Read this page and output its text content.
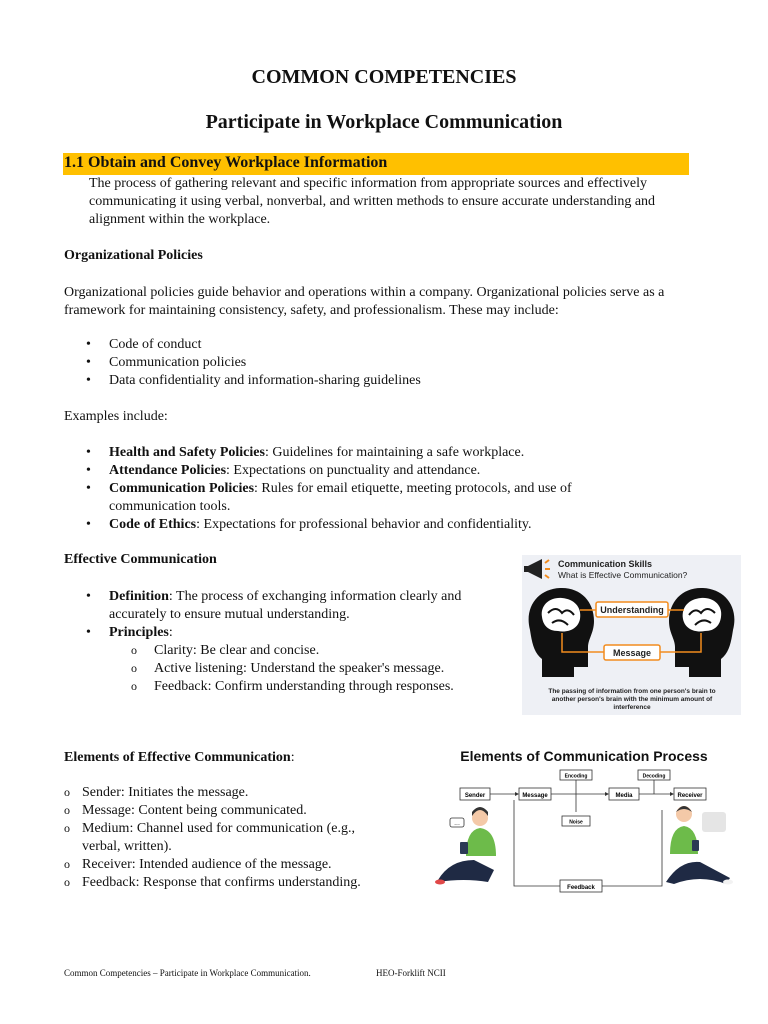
COMMON COMPETENCIES
Participate in Workplace Communication
1.1 Obtain and Convey Workplace Information
The process of gathering relevant and specific information from appropriate sources and effectively communicating it using verbal, nonverbal, and written methods to ensure accurate understanding and alignment within the workplace.
Organizational Policies
Organizational policies guide behavior and operations within a company. Organizational policies serve as a framework for maintaining consistency, safety, and professionalism. These may include:
• Code of conduct
• Communication policies
• Data confidentiality and information-sharing guidelines
Examples include:
• Health and Safety Policies: Guidelines for maintaining a safe workplace.
• Attendance Policies: Expectations on punctuality and attendance.
• Communication Policies: Rules for email etiquette, meeting protocols, and use of communication tools.
• Code of Ethics: Expectations for professional behavior and confidentiality.
Effective Communication
• Definition: The process of exchanging information clearly and accurately to ensure mutual understanding.
• Principles:
o Clarity: Be clear and concise.
o Active listening: Understand the speaker's message.
o Feedback: Confirm understanding through responses.
Communication Skills
What is Effective Communication?
Understanding
Message
The passing of information from one person's brain to
another person's brain with the minimum amount of
interference
Elements of Effective Communication:
o Sender: Initiates the message.
o Message: Content being communicated.
o Medium: Channel used for communication (e.g., verbal, written).
o Receiver: Intended audience of the message.
o Feedback: Response that confirms understanding.
Elements of Communication Process
Sender	Message
Encoding
Noise
Media
Decoding
Receiver
Feedback
...
Common Competencies – Participate in Workplace Communication.	HEO-Forklift NCII
